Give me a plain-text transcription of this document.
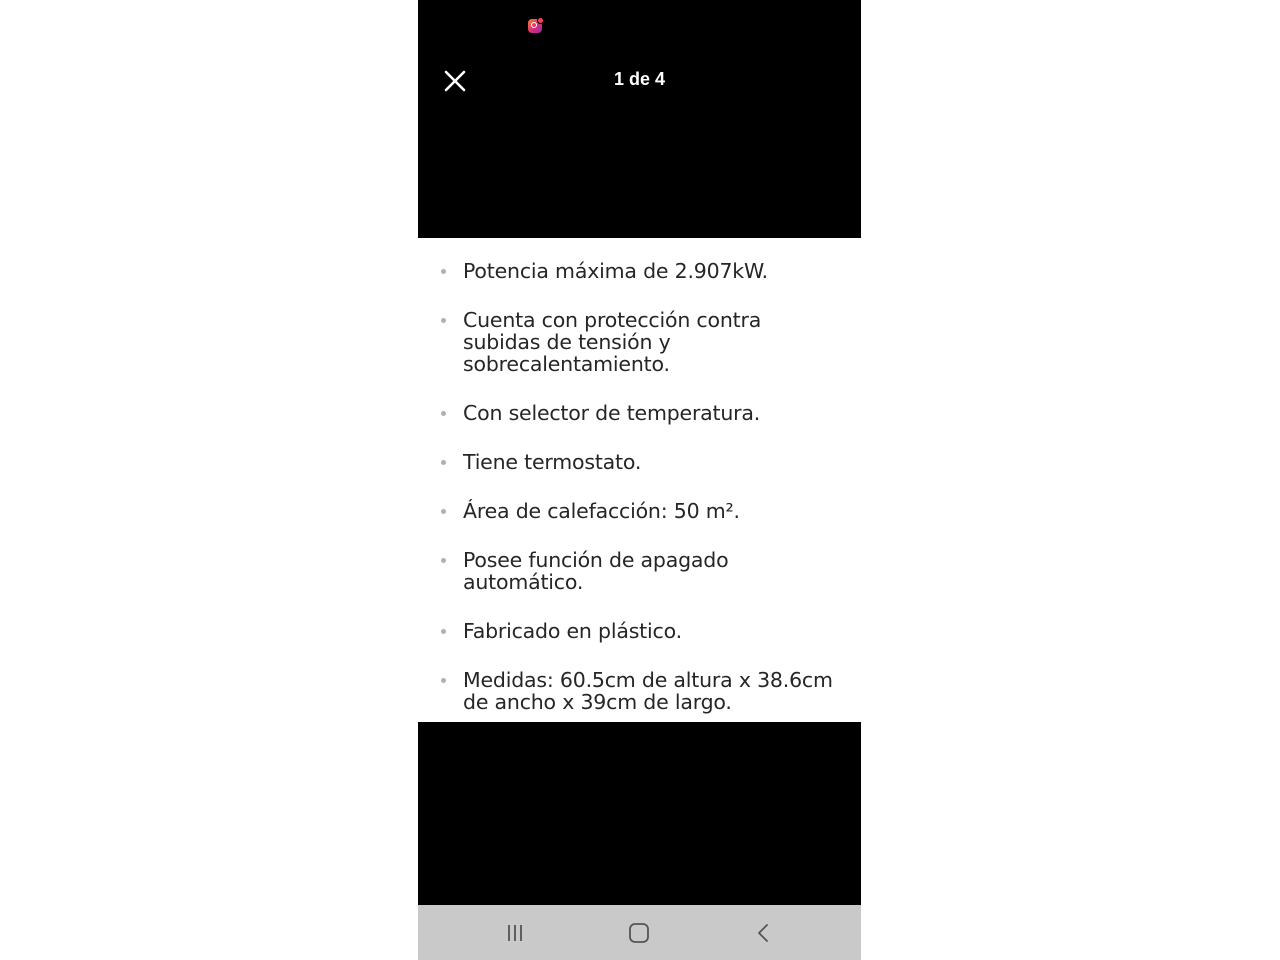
1 de 4
Potencia máxima de 2.907kW.
Cuenta con protección contra subidas de tensión y sobrecalentamiento.
Con selector de temperatura.
Tiene termostato.
Área de calefacción: 50 m².
Posee función de apagado automático.
Fabricado en plástico.
Medidas: 60.5cm de altura x 38.6cm de ancho x 39cm de largo.
